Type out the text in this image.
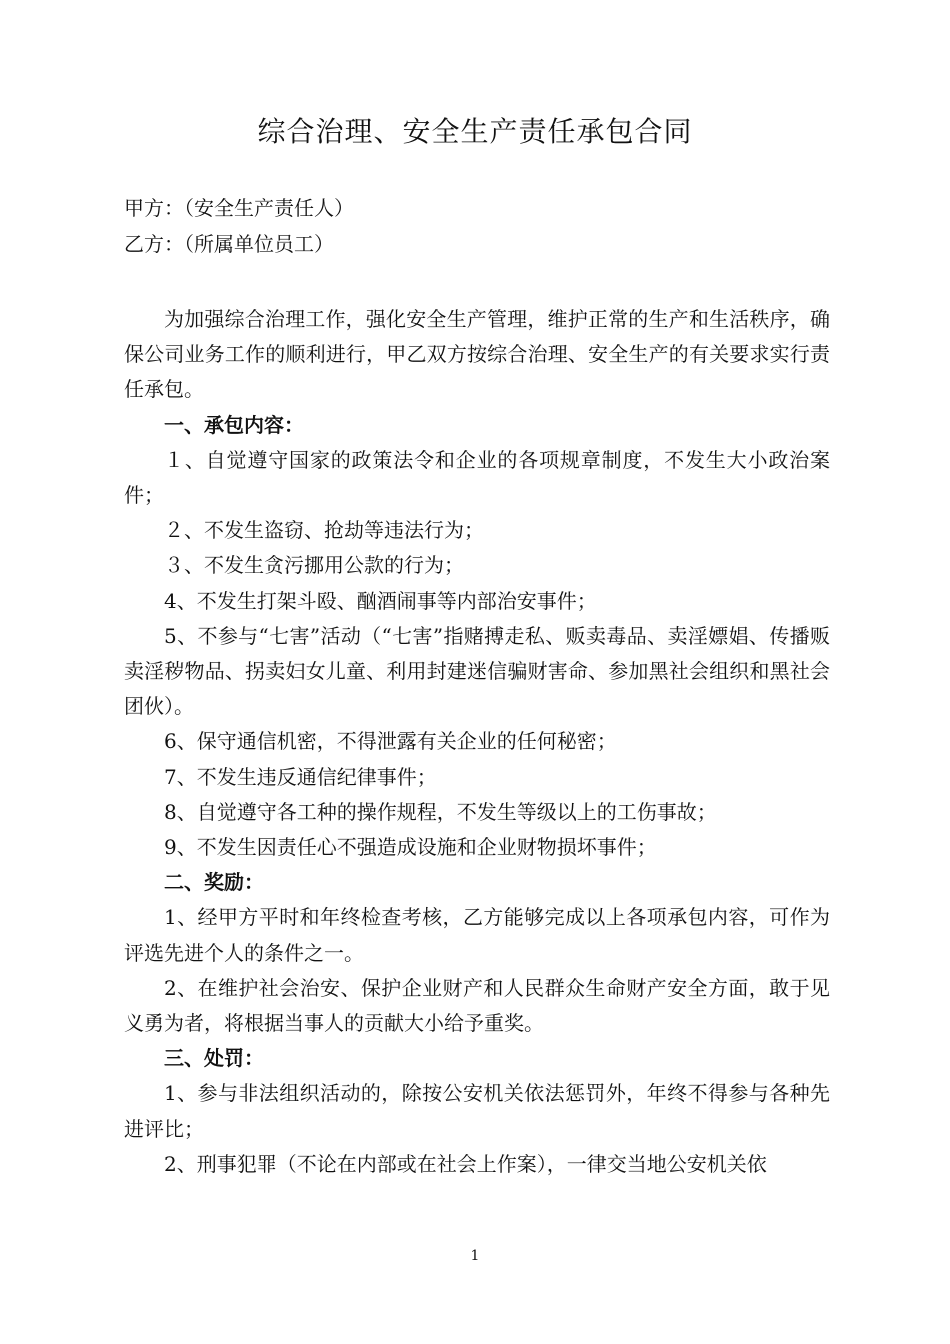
综合治理、安全生产责任承包合同
甲方：（安全生产责任人）
乙方：（所属单位员工）

为加强综合治理工作，强化安全生产管理，维护正常的生产和生活秩序，确保公司业务工作的顺利进行，甲乙双方按综合治理、安全生产的有关要求实行责任承包。

一、承包内容：

１、自觉遵守国家的政策法令和企业的各项规章制度，不发生大小政治案件；

２、不发生盗窃、抢劫等违法行为；

３、不发生贪污挪用公款的行为；

4、不发生打架斗殴、酗酒闹事等内部治安事件；

5、不参与“七害”活动（“七害”指赌搏走私、贩卖毒品、卖淫嫖娼、传播贩卖淫秽物品、拐卖妇女儿童、利用封建迷信骗财害命、参加黑社会组织和黑社会团伙）。

6、保守通信机密，不得泄露有关企业的任何秘密；

7、不发生违反通信纪律事件；

8、自觉遵守各工种的操作规程，不发生等级以上的工伤事故；

9、不发生因责任心不强造成设施和企业财物损坏事件；

二、奖励：

1、经甲方平时和年终检查考核，乙方能够完成以上各项承包内容，可作为评选先进个人的条件之一。

2、在维护社会治安、保护企业财产和人民群众生命财产安全方面，敢于见义勇为者，将根据当事人的贡献大小给予重奖。

三、处罚：

1、参与非法组织活动的，除按公安机关依法惩罚外，年终不得参与各种先进评比；

2、刑事犯罪（不论在内部或在社会上作案），一律交当地公安机关依

1
